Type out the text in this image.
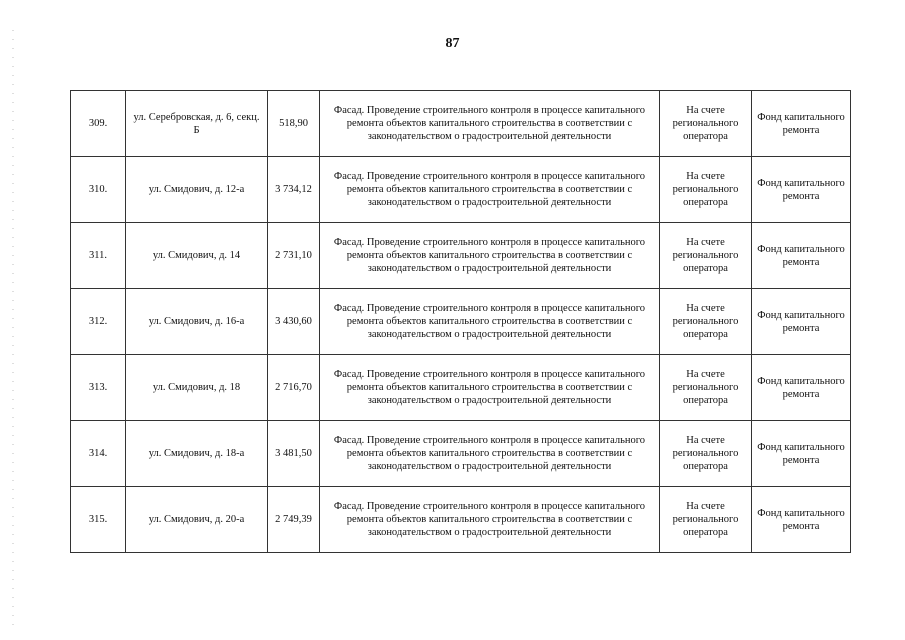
87
309.	ул. Серебровская, д. 6, секц. Б	518,90	Фасад. Проведение строительного контроля в процессе капитального ремонта объектов капитального строительства в соответствии с законодательством о градостроительной деятельности	На счете регионального оператора	Фонд капитального ремонта
310.	ул. Смидович, д. 12-а	3 734,12	Фасад. Проведение строительного контроля в процессе капитального ремонта объектов капитального строительства в соответствии с законодательством о градостроительной деятельности	На счете регионального оператора	Фонд капитального ремонта
311.	ул. Смидович, д. 14	2 731,10	Фасад. Проведение строительного контроля в процессе капитального ремонта объектов капитального строительства в соответствии с законодательством о градостроительной деятельности	На счете регионального оператора	Фонд капитального ремонта
312.	ул. Смидович, д. 16-а	3 430,60	Фасад. Проведение строительного контроля в процессе капитального ремонта объектов капитального строительства в соответствии с законодательством о градостроительной деятельности	На счете регионального оператора	Фонд капитального ремонта
313.	ул. Смидович, д. 18	2 716,70	Фасад. Проведение строительного контроля в процессе капитального ремонта объектов капитального строительства в соответствии с законодательством о градостроительной деятельности	На счете регионального оператора	Фонд капитального ремонта
314.	ул. Смидович, д. 18-а	3 481,50	Фасад. Проведение строительного контроля в процессе капитального ремонта объектов капитального строительства в соответствии с законодательством о градостроительной деятельности	На счете регионального оператора	Фонд капитального ремонта
315.	ул. Смидович, д. 20-а	2 749,39	Фасад. Проведение строительного контроля в процессе капитального ремонта объектов капитального строительства в соответствии с законодательством о градостроительной деятельности	На счете регионального оператора	Фонд капитального ремонта
